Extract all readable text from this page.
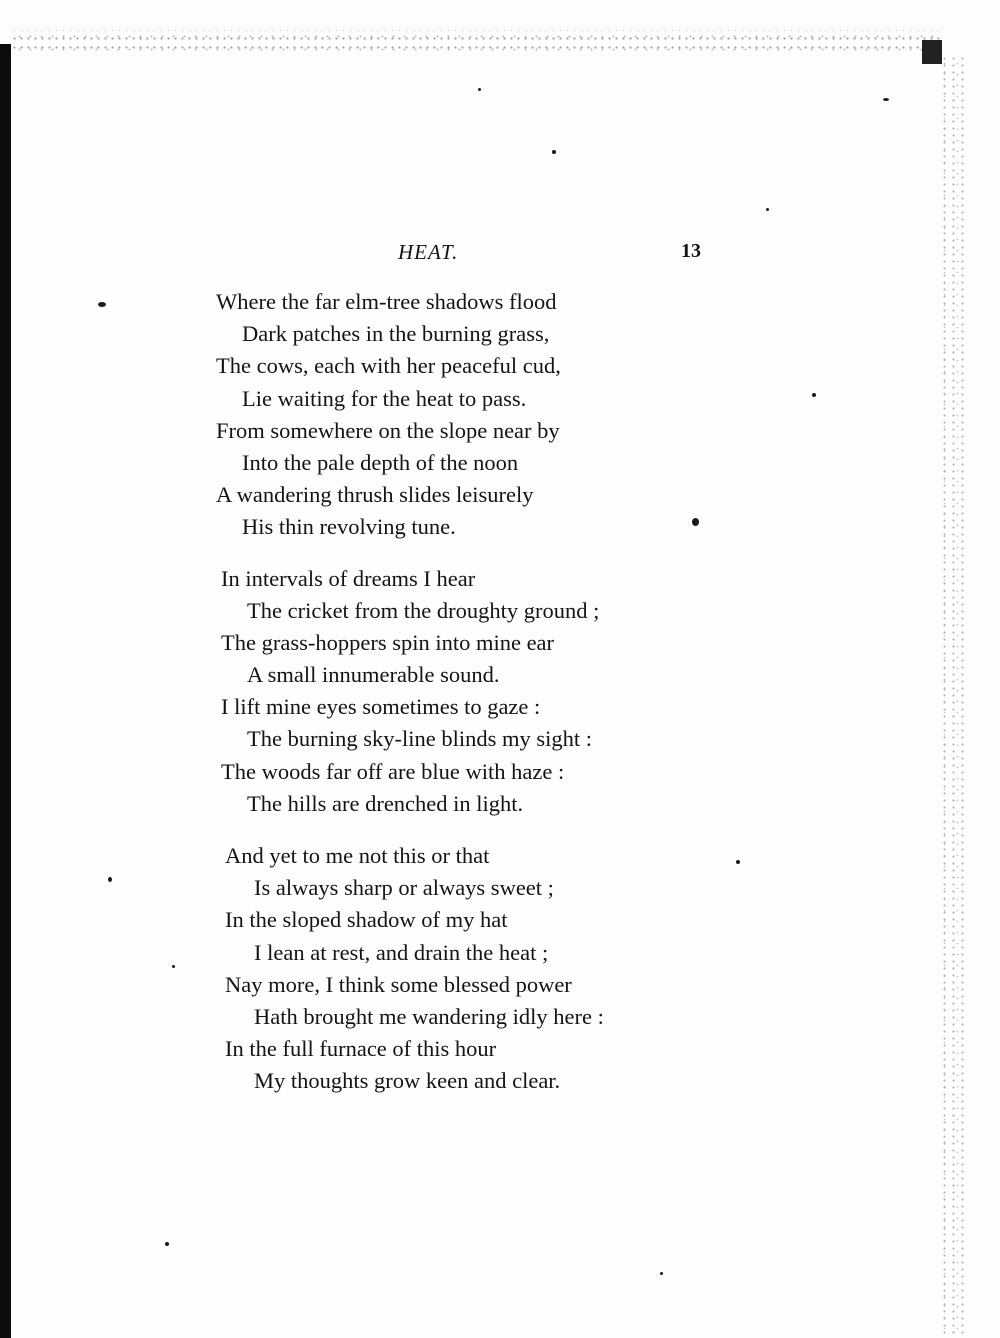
HEAT.	13
Where the far elm-tree shadows flood
Dark patches in the burning grass,
The cows, each with her peaceful cud,
Lie waiting for the heat to pass.
From somewhere on the slope near by
Into the pale depth of the noon
A wandering thrush slides leisurely
His thin revolving tune.
In intervals of dreams I hear
The cricket from the droughty ground ;
The grass-hoppers spin into mine ear
A small innumerable sound.
I lift mine eyes sometimes to gaze :
The burning sky-line blinds my sight :
The woods far off are blue with haze :
The hills are drenched in light.
And yet to me not this or that
Is always sharp or always sweet ;
In the sloped shadow of my hat
I lean at rest, and drain the heat ;
Nay more, I think some blessed power
Hath brought me wandering idly here :
In the full furnace of this hour
My thoughts grow keen and clear.
